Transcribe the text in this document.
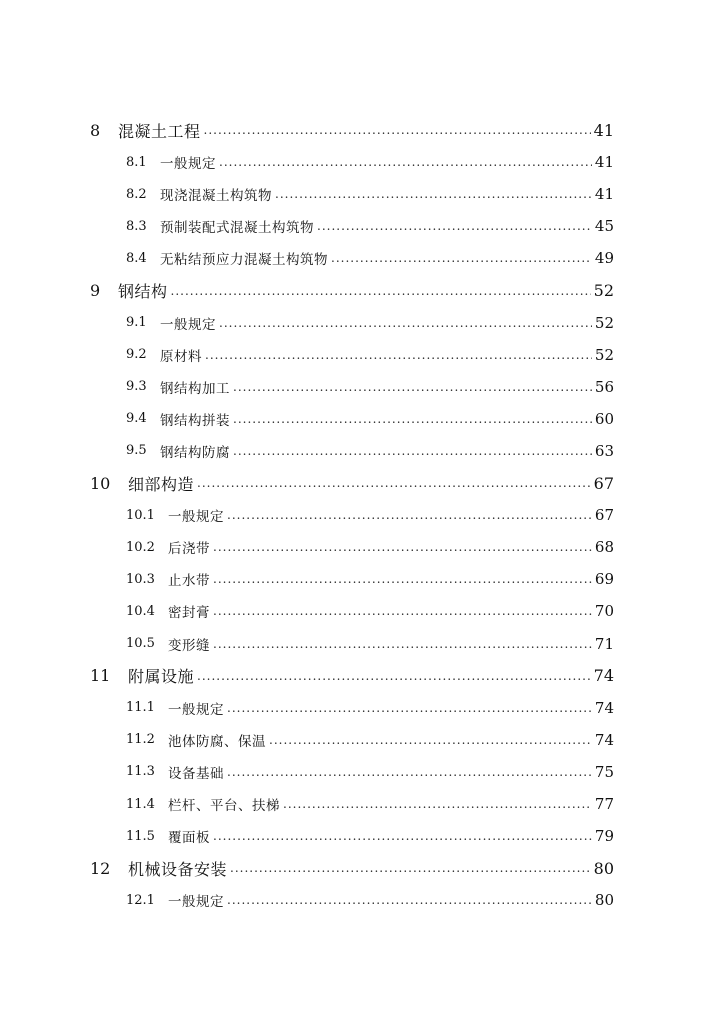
8	混凝土工程 .....	41
8.1 一般规定 .....	41
8.2 现浇混凝土构筑物 .....	41
8.3 预制装配式混凝土构筑物 .....	45
8.4 无粘结预应力混凝土构筑物 .....	49
9	钢结构 .....	52
9.1 一般规定 .....	52
9.2 原材料 .....	52
9.3 钢结构加工 .....	56
9.4 钢结构拼装 .....	60
9.5 钢结构防腐 .....	63
10	细部构造 .....	67
10.1 一般规定 .....	67
10.2 后浇带 .....	68
10.3 止水带 .....	69
10.4 密封膏 .....	70
10.5 变形缝 .....	71
11	附属设施 .....	74
11.1 一般规定 .....	74
11.2 池体防腐、保温 .....	74
11.3 设备基础 .....	75
11.4 栏杆、平台、扶梯 .....	77
11.5 覆面板 .....	79
12	机械设备安装 .....	80
12.1 一般规定 .....	80
